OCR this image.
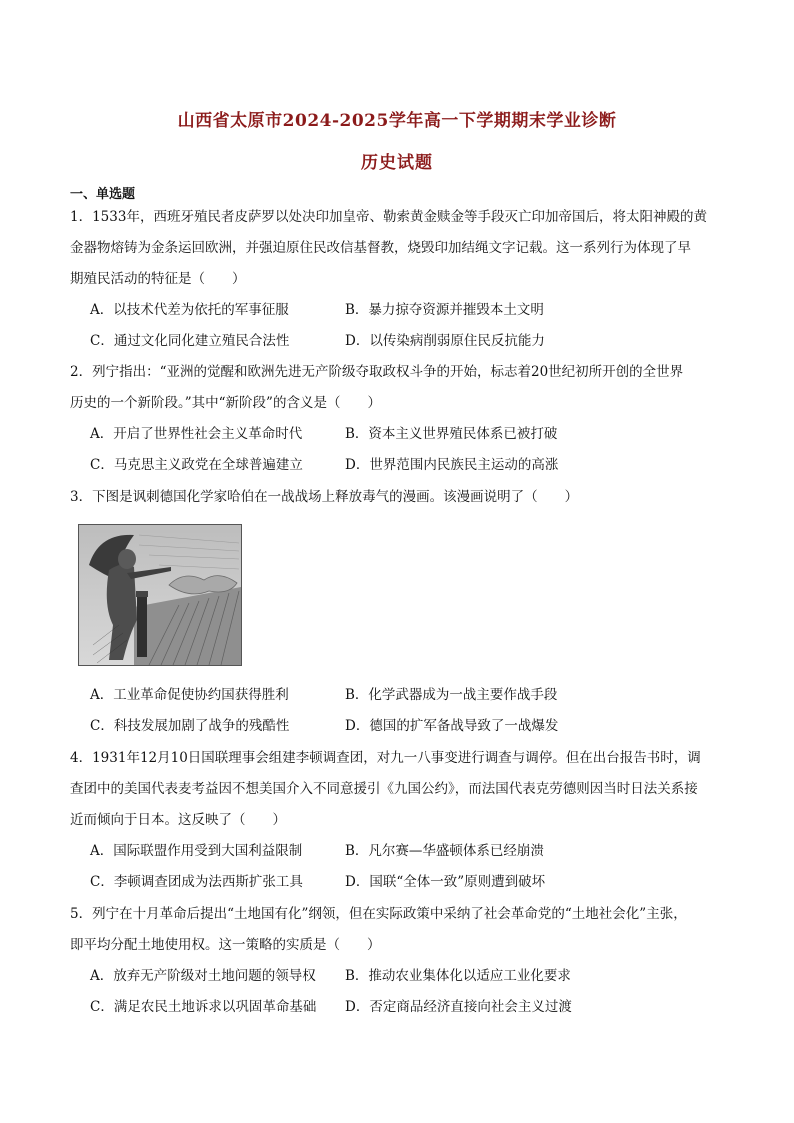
山西省太原市2024-2025学年高一下学期期末学业诊断
历史试题
一、单选题
1．1533年，西班牙殖民者皮萨罗以处决印加皇帝、勒索黄金赎金等手段灭亡印加帝国后，将太阳神殿的黄
金器物熔铸为金条运回欧洲，并强迫原住民改信基督教，烧毁印加结绳文字记载。这一系列行为体现了早
期殖民活动的特征是（　　）
A．以技术代差为依托的军事征服	B．暴力掠夺资源并摧毁本土文明
C．通过文化同化建立殖民合法性	D．以传染病削弱原住民反抗能力
2．列宁指出：“亚洲的觉醒和欧洲先进无产阶级夺取政权斗争的开始，标志着20世纪初所开创的全世界
历史的一个新阶段。”其中“新阶段”的含义是（　　）
A．开启了世界性社会主义革命时代	B．资本主义世界殖民体系已被打破
C．马克思主义政党在全球普遍建立	D．世界范围内民族民主运动的高涨
3．下图是讽刺德国化学家哈伯在一战战场上释放毒气的漫画。该漫画说明了（　　）
A．工业革命促使协约国获得胜利	B．化学武器成为一战主要作战手段
C．科技发展加剧了战争的残酷性	D．德国的扩军备战导致了一战爆发
4．1931年12月10日国联理事会组建李顿调查团，对九一八事变进行调查与调停。但在出台报告书时，调
查团中的美国代表麦考益因不想美国介入不同意援引《九国公约》，而法国代表克劳德则因当时日法关系接
近而倾向于日本。这反映了（　　）
A．国际联盟作用受到大国利益限制	B．凡尔赛—华盛顿体系已经崩溃
C．李顿调查团成为法西斯扩张工具	D．国联“全体一致”原则遭到破坏
5．列宁在十月革命后提出“土地国有化”纲领，但在实际政策中采纳了社会革命党的“土地社会化”主张，
即平均分配土地使用权。这一策略的实质是（　　）
A．放弃无产阶级对土地问题的领导权 B．推动农业集体化以适应工业化要求
C．满足农民土地诉求以巩固革命基础 D．否定商品经济直接向社会主义过渡
